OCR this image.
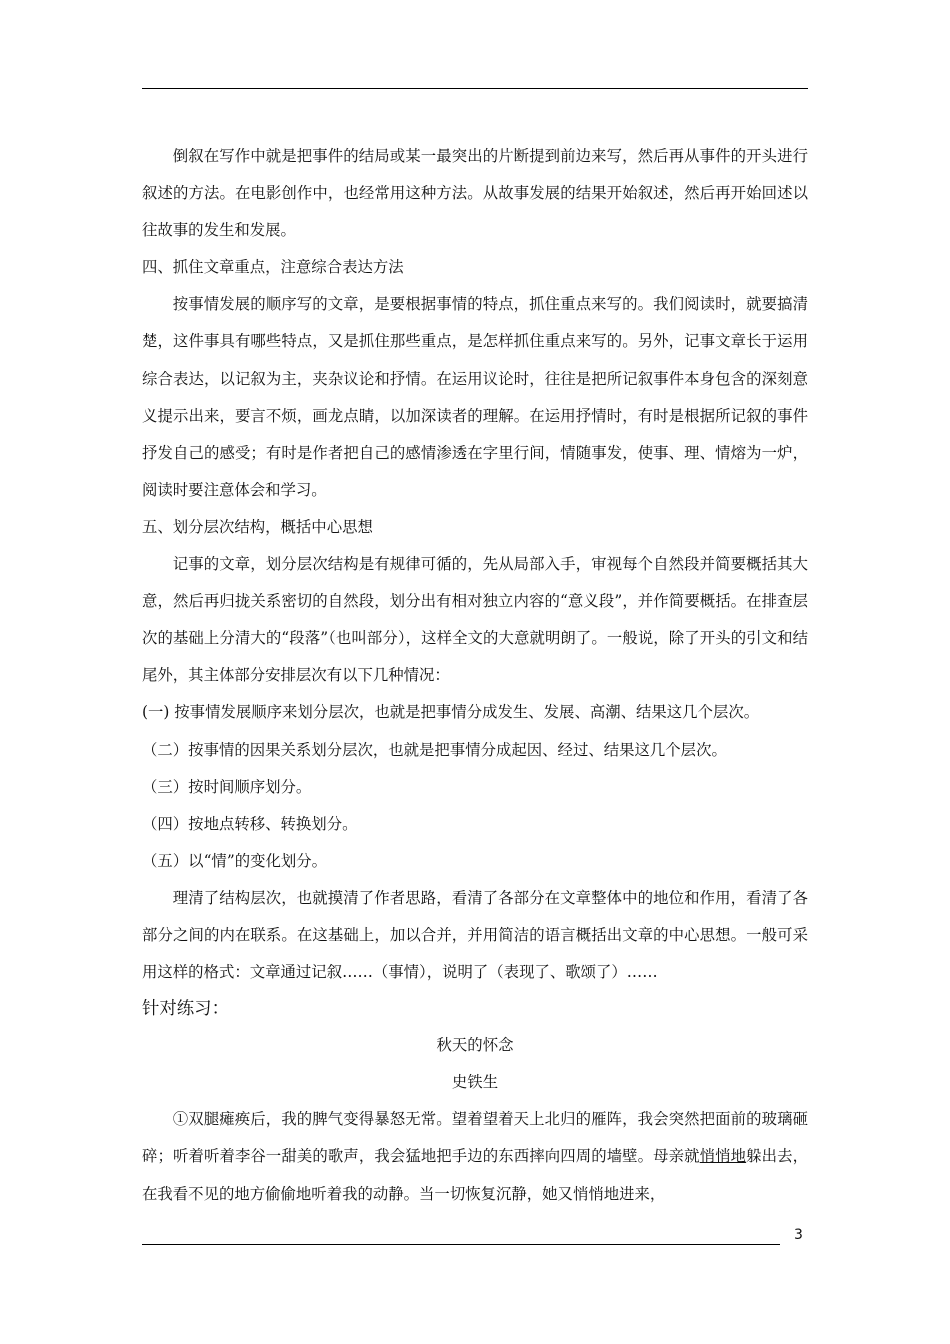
倒叙在写作中就是把事件的结局或某一最突出的片断提到前边来写，然后再从事件的开头进行叙述的方法。在电影创作中，也经常用这种方法。从故事发展的结果开始叙述，然后再开始回述以往故事的发生和发展。

四、抓住文章重点，注意综合表达方法

按事情发展的顺序写的文章，是要根据事情的特点，抓住重点来写的。我们阅读时，就要搞清楚，这件事具有哪些特点，又是抓住那些重点，是怎样抓住重点来写的。另外，记事文章长于运用综合表达，以记叙为主，夹杂议论和抒情。在运用议论时，往往是把所记叙事件本身包含的深刻意义提示出来，要言不烦，画龙点睛，以加深读者的理解。在运用抒情时，有时是根据所记叙的事件抒发自己的感受；有时是作者把自己的感情渗透在字里行间，情随事发，使事、理、情熔为一炉，阅读时要注意体会和学习。

五、划分层次结构，概括中心思想

记事的文章，划分层次结构是有规律可循的，先从局部入手，审视每个自然段并简要概括其大意，然后再归拢关系密切的自然段，划分出有相对独立内容的“意义段”，并作简要概括。在排查层次的基础上分清大的“段落”（也叫部分），这样全文的大意就明朗了。一般说，除了开头的引文和结尾外，其主体部分安排层次有以下几种情况：

(一) 按事情发展顺序来划分层次，也就是把事情分成发生、发展、高潮、结果这几个层次。

（二）按事情的因果关系划分层次，也就是把事情分成起因、经过、结果这几个层次。

（三）按时间顺序划分。

（四）按地点转移、转换划分。

（五）以“情”的变化划分。

理清了结构层次，也就摸清了作者思路，看清了各部分在文章整体中的地位和作用，看清了各部分之间的内在联系。在这基础上，加以合并，并用简洁的语言概括出文章的中心思想。一般可采用这样的格式：文章通过记叙……（事情），说明了（表现了、歌颂了）……

针对练习：

秋天的怀念

史铁生

①双腿瘫痪后，我的脾气变得暴怒无常。望着望着天上北归的雁阵，我会突然把面前的玻璃砸碎；听着听着李谷一甜美的歌声，我会猛地把手边的东西摔向四周的墙壁。母亲就悄悄地躲出去，在我看不见的地方偷偷地听着我的动静。当一切恢复沉静，她又悄悄地进来，

3
